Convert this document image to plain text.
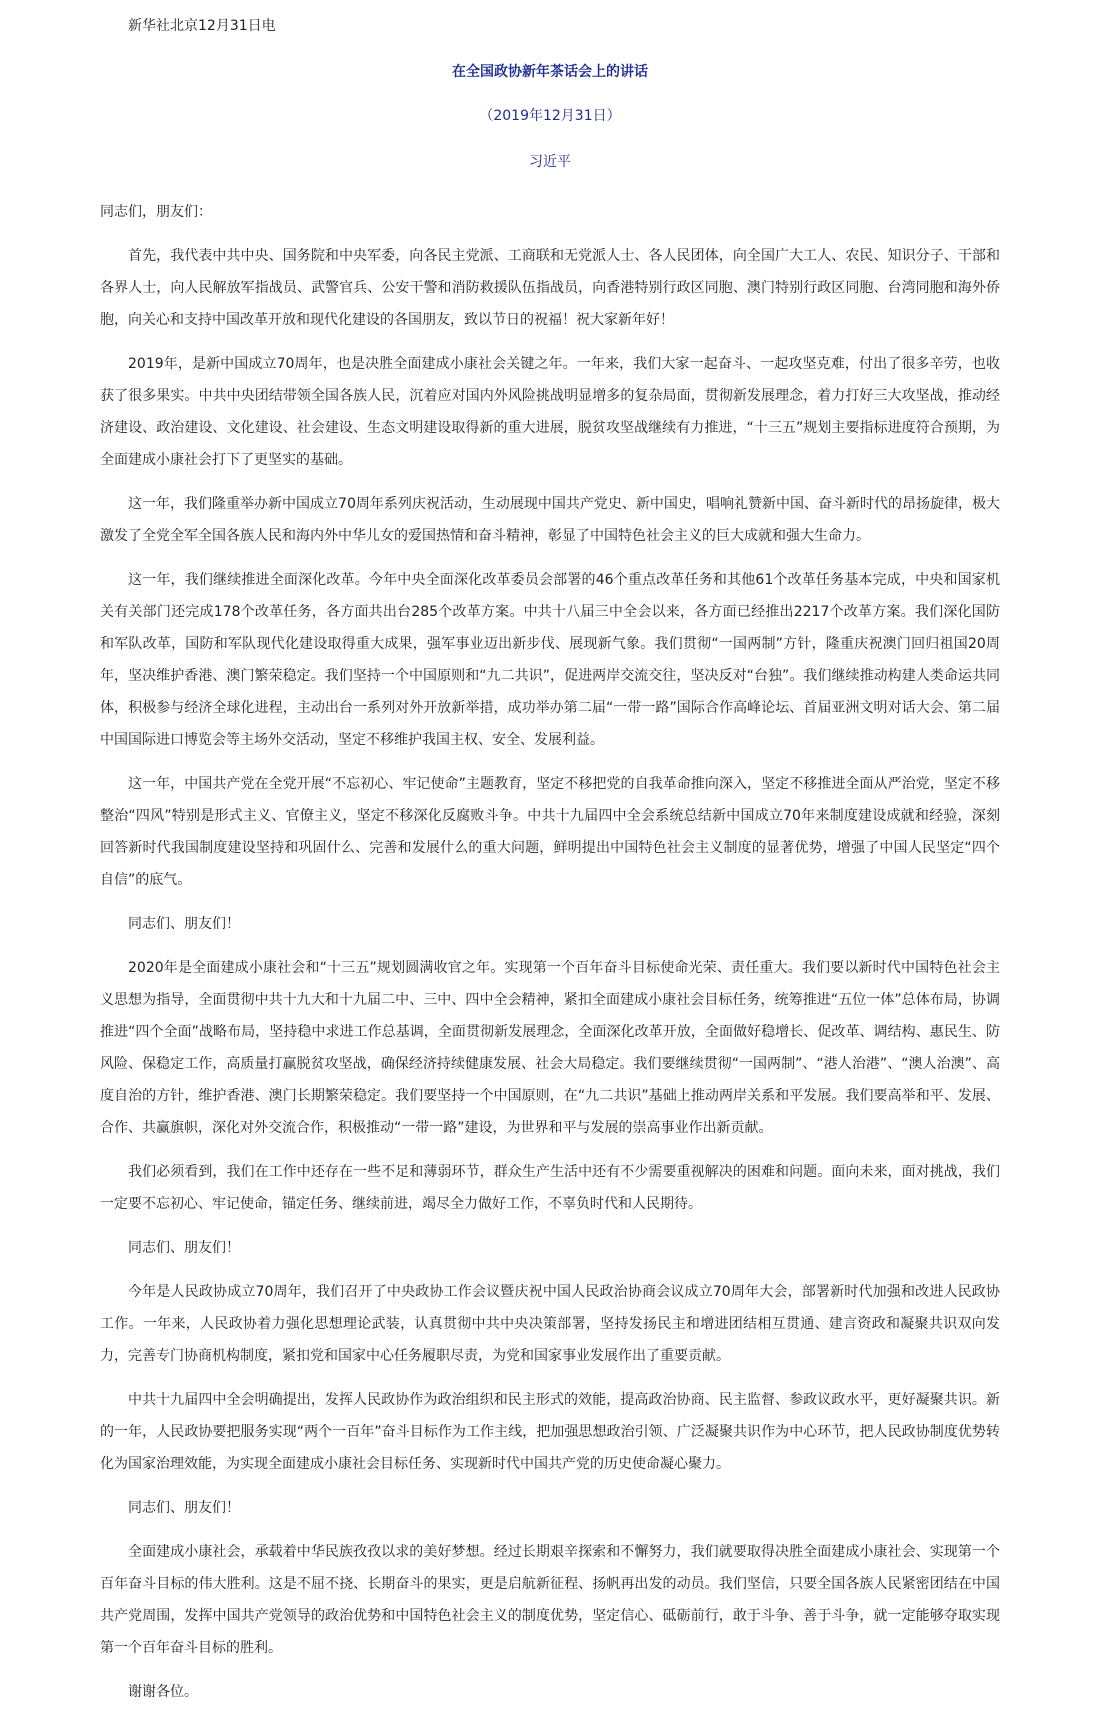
新华社北京12月31日电
在全国政协新年茶话会上的讲话
（2019年12月31日）
习近平

同志们，朋友们：

首先，我代表中共中央、国务院和中央军委，向各民主党派、工商联和无党派人士、各人民团体，向全国广大工人、农民、知识分子、干部和各界人士，向人民解放军指战员、武警官兵、公安干警和消防救援队伍指战员，向香港特别行政区同胞、澳门特别行政区同胞、台湾同胞和海外侨胞，向关心和支持中国改革开放和现代化建设的各国朋友，致以节日的祝福！祝大家新年好！

2019年，是新中国成立70周年，也是决胜全面建成小康社会关键之年。一年来，我们大家一起奋斗、一起攻坚克难，付出了很多辛劳，也收获了很多果实。中共中央团结带领全国各族人民，沉着应对国内外风险挑战明显增多的复杂局面，贯彻新发展理念，着力打好三大攻坚战，推动经济建设、政治建设、文化建设、社会建设、生态文明建设取得新的重大进展，脱贫攻坚战继续有力推进，“十三五”规划主要指标进度符合预期，为全面建成小康社会打下了更坚实的基础。

这一年，我们隆重举办新中国成立70周年系列庆祝活动，生动展现中国共产党史、新中国史，唱响礼赞新中国、奋斗新时代的昂扬旋律，极大激发了全党全军全国各族人民和海内外中华儿女的爱国热情和奋斗精神，彰显了中国特色社会主义的巨大成就和强大生命力。

这一年，我们继续推进全面深化改革。今年中央全面深化改革委员会部署的46个重点改革任务和其他61个改革任务基本完成，中央和国家机关有关部门还完成178个改革任务，各方面共出台285个改革方案。中共十八届三中全会以来，各方面已经推出2217个改革方案。我们深化国防和军队改革，国防和军队现代化建设取得重大成果，强军事业迈出新步伐、展现新气象。我们贯彻“一国两制”方针，隆重庆祝澳门回归祖国20周年，坚决维护香港、澳门繁荣稳定。我们坚持一个中国原则和“九二共识”，促进两岸交流交往，坚决反对“台独”。我们继续推动构建人类命运共同体，积极参与经济全球化进程，主动出台一系列对外开放新举措，成功举办第二届“一带一路”国际合作高峰论坛、首届亚洲文明对话大会、第二届中国国际进口博览会等主场外交活动，坚定不移维护我国主权、安全、发展利益。

这一年，中国共产党在全党开展“不忘初心、牢记使命”主题教育，坚定不移把党的自我革命推向深入，坚定不移推进全面从严治党，坚定不移整治“四风”特别是形式主义、官僚主义，坚定不移深化反腐败斗争。中共十九届四中全会系统总结新中国成立70年来制度建设成就和经验，深刻回答新时代我国制度建设坚持和巩固什么、完善和发展什么的重大问题，鲜明提出中国特色社会主义制度的显著优势，增强了中国人民坚定“四个自信”的底气。

同志们、朋友们！

2020年是全面建成小康社会和“十三五”规划圆满收官之年。实现第一个百年奋斗目标使命光荣、责任重大。我们要以新时代中国特色社会主义思想为指导，全面贯彻中共十九大和十九届二中、三中、四中全会精神，紧扣全面建成小康社会目标任务，统筹推进“五位一体”总体布局，协调推进“四个全面”战略布局，坚持稳中求进工作总基调，全面贯彻新发展理念，全面深化改革开放，全面做好稳增长、促改革、调结构、惠民生、防风险、保稳定工作，高质量打赢脱贫攻坚战，确保经济持续健康发展、社会大局稳定。我们要继续贯彻“一国两制”、“港人治港”、“澳人治澳”、高度自治的方针，维护香港、澳门长期繁荣稳定。我们要坚持一个中国原则，在“九二共识”基础上推动两岸关系和平发展。我们要高举和平、发展、合作、共赢旗帜，深化对外交流合作，积极推动“一带一路”建设，为世界和平与发展的崇高事业作出新贡献。

我们必须看到，我们在工作中还存在一些不足和薄弱环节，群众生产生活中还有不少需要重视解决的困难和问题。面向未来，面对挑战，我们一定要不忘初心、牢记使命，锚定任务、继续前进，竭尽全力做好工作，不辜负时代和人民期待。

同志们、朋友们！

今年是人民政协成立70周年，我们召开了中央政协工作会议暨庆祝中国人民政治协商会议成立70周年大会，部署新时代加强和改进人民政协工作。一年来，人民政协着力强化思想理论武装，认真贯彻中共中央决策部署，坚持发扬民主和增进团结相互贯通、建言资政和凝聚共识双向发力，完善专门协商机构制度，紧扣党和国家中心任务履职尽责，为党和国家事业发展作出了重要贡献。

中共十九届四中全会明确提出，发挥人民政协作为政治组织和民主形式的效能，提高政治协商、民主监督、参政议政水平，更好凝聚共识。新的一年，人民政协要把服务实现“两个一百年”奋斗目标作为工作主线，把加强思想政治引领、广泛凝聚共识作为中心环节，把人民政协制度优势转化为国家治理效能，为实现全面建成小康社会目标任务、实现新时代中国共产党的历史使命凝心聚力。

同志们、朋友们！

全面建成小康社会，承载着中华民族孜孜以求的美好梦想。经过长期艰辛探索和不懈努力，我们就要取得决胜全面建成小康社会、实现第一个百年奋斗目标的伟大胜利。这是不屈不挠、长期奋斗的果实，更是启航新征程、扬帆再出发的动员。我们坚信，只要全国各族人民紧密团结在中国共产党周围，发挥中国共产党领导的政治优势和中国特色社会主义的制度优势，坚定信心、砥砺前行，敢于斗争、善于斗争，就一定能够夺取实现第一个百年奋斗目标的胜利。

谢谢各位。
